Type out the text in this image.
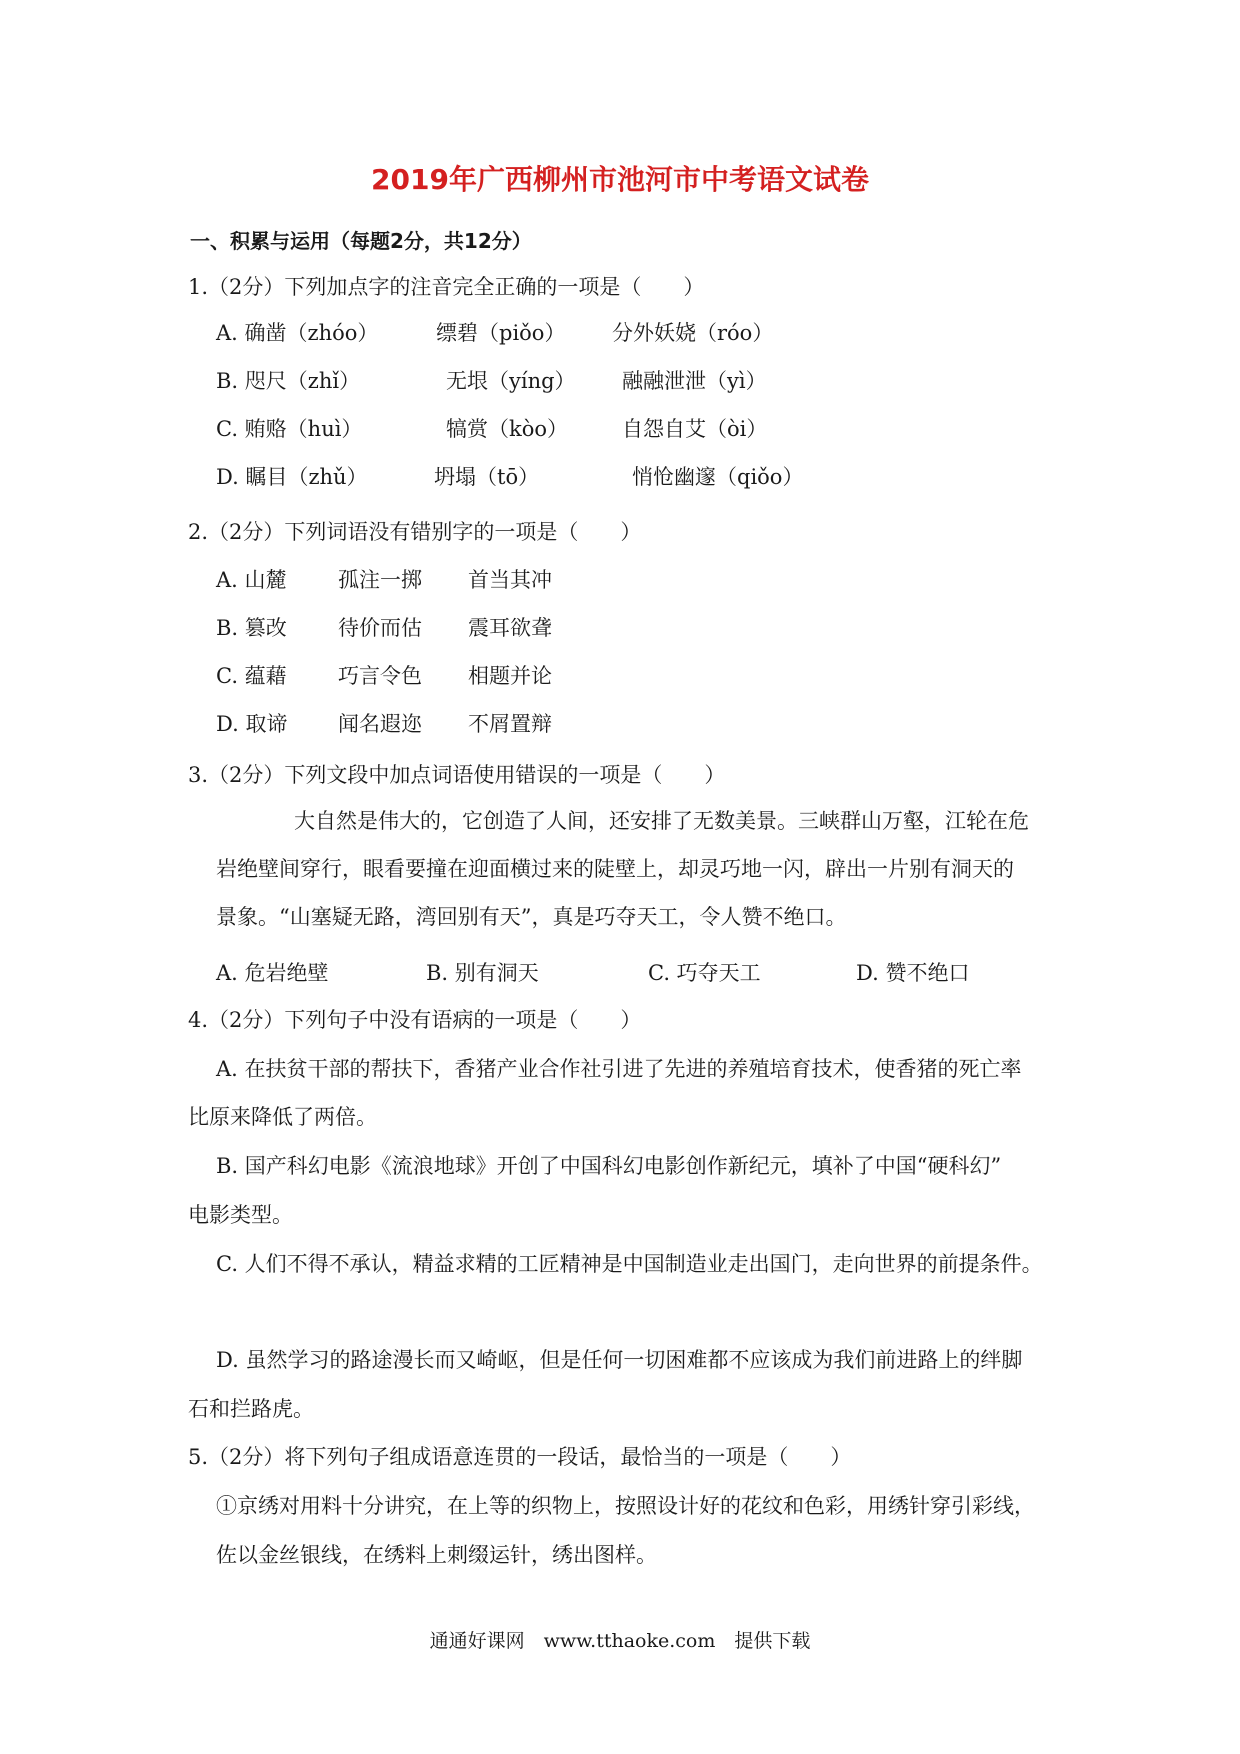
2019年广西柳州市池河市中考语文试卷
一、积累与运用（每题2分，共12分）
1.（2分）下列加点字的注音完全正确的一项是（　　）
A. 确凿（zhóo）	缥碧（piǒo） 分外妖娆（róo）
B. 咫尺（zhǐ）	无垠（yíng） 融融泄泄（yì）
C. 贿赂（huì）	犒赏（kòo）	自怨自艾（òi）
D. 瞩目（zhǔ）	坍塌（tō）	悄怆幽邃（qiǒo）
2.（2分）下列词语没有错别字的一项是（　　）
A. 山麓 孤注一掷 首当其冲
B. 篡改 待价而估 震耳欲聋
C. 蕴藉 巧言令色 相题并论
D. 取谛 闻名遐迩 不屑置辩
3.（2分）下列文段中加点词语使用错误的一项是（　　）
大自然是伟大的，它创造了人间，还安排了无数美景。三峡群山万壑，江轮在危
岩绝壁间穿行，眼看要撞在迎面横过来的陡壁上，却灵巧地一闪，辟出一片别有洞天的
景象。“山塞疑无路，湾回别有天”，真是巧夺天工，令人赞不绝口。
A. 危岩绝壁	B. 别有洞天	C. 巧夺天工	D. 赞不绝口
4.（2分）下列句子中没有语病的一项是（　　）
A. 在扶贫干部的帮扶下，香猪产业合作社引进了先进的养殖培育技术，使香猪的死亡率
比原来降低了两倍。
B. 国产科幻电影《流浪地球》开创了中国科幻电影创作新纪元，填补了中国“硬科幻”
电影类型。
C. 人们不得不承认，精益求精的工匠精神是中国制造业走出国门，走向世界的前提条件。
D. 虽然学习的路途漫长而又崎岖，但是任何一切困难都不应该成为我们前进路上的绊脚
石和拦路虎。
5.（2分）将下列句子组成语意连贯的一段话，最恰当的一项是（　　）
①京绣对用料十分讲究，在上等的织物上，按照设计好的花纹和色彩，用绣针穿引彩线，
佐以金丝银线，在绣料上刺缀运针，绣出图样。
通通好课网　www.tthaoke.com　提供下载
